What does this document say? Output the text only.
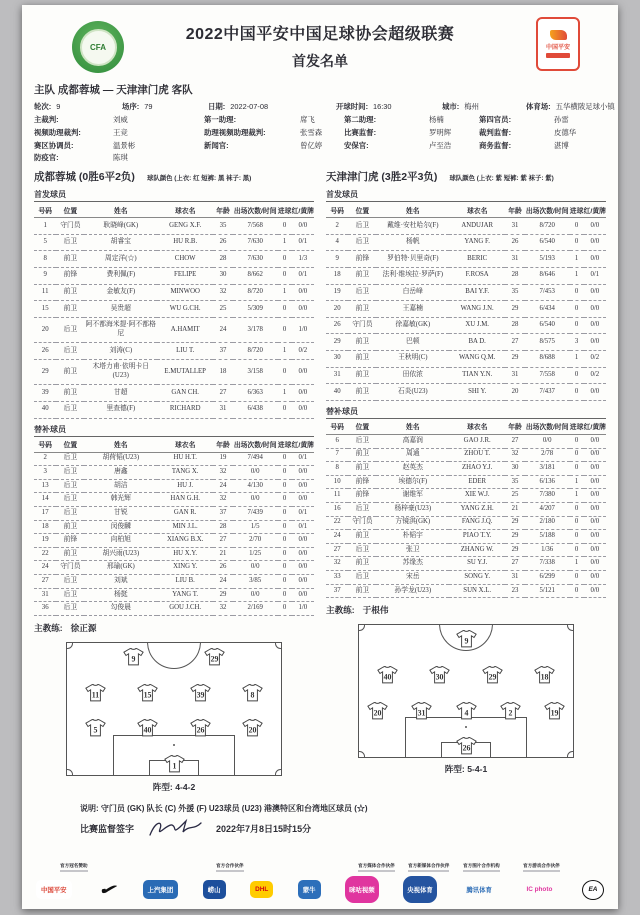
CFA
2022中国平安中国足球协会超级联赛
首发名单
中国平安
主队 成都蓉城 — 天津津门虎 客队
轮次: 9	场序: 79	日期: 2022-07-08	开球时间: 16:30	城市: 梅州	体育场: 五华横陂足球小镇
主裁判:	刘威	第一助理:	席飞	第二助理:	杨楠	第四官员:	孙雷
视频助理裁判:	王竞	助理视频助理裁判:	张雪森	比赛监督:	罗明辉	裁判监督:	皮德华
赛区协调员:	温景彬	新闻官:	曾亿婷	安保官:	卢至浩	商务监督:	湛博
防疫官:	陈琪
成都蓉城 (0胜6平2负) 球队颜色 (上衣: 红 短裤: 黑 袜子: 黑)
首发球员
号码	位置	姓名	球衣名	年龄	出场次数/时间	进球	红/黄牌
1	守门员	耿晓峰(GK)	GENG X.F.	35	7/568	0	0/0
5	后卫	胡睿宝	HU R.B.	26	7/630	1	0/1
8	前卫	周定洋(☆)	CHOW	28	7/630	0	1/3
9	前锋	费利佩(F)	FELIPE	30	8/662	0	0/1
11	前卫	金敏友(F)	MINWOO	32	8/720	1	0/0
15	前卫	吴贵超	WU G.CH.	25	5/309	0	0/0
20	后卫	阿不都海米提·阿不都格尼	A.HAMIT	24	3/178	0	1/0
26	后卫	刘涛(C)	LIU T.	37	8/720	1	0/2
29	前卫	木塔力甫·依明卡日(U23)	E.MUTALLEP	18	3/158	0	0/0
39	前卫	甘超	GAN CH.	27	6/363	1	0/0
40	后卫	里查德(F)	RICHARD	31	6/438	0	0/0
替补球员
号码	位置	姓名	球衣名	年龄	出场次数/时间	进球	红/黄牌
2	后卫	胡荷韬(U23)	HU H.T.	19	7/494	0	0/1
3	后卫	唐鑫	TANG X.	32	0/0	0	0/0
13	后卫	胡洁	HU J.	24	4/130	0	0/0
14	后卫	韩光辉	HAN G.H.	32	0/0	0	0/0
17	后卫	甘锐	GAN R.	37	7/439	0	0/1
18	前卫	闵俊麟	MIN J.L.	28	1/5	0	0/1
19	前锋	向柏旭	XIANG B.X.	27	2/70	0	0/0
22	前卫	胡兴雨(U23)	HU X.Y.	21	1/25	0	0/0
24	守门员	邢瑜(GK)	XING Y.	26	0/0	0	0/0
27	后卫	刘斌	LIU B.	24	3/85	0	0/0
31	后卫	杨挺	YANG T.	29	0/0	0	0/0
36	后卫	勾俊晨	GOU J.CH.	32	2/169	0	1/0
主教练: 徐正源
9	29
11	15	39	8
5	40	26	20
1
阵型: 4-4-2
天津津门虎 (3胜2平3负) 球队颜色 (上衣: 紫 短裤: 紫 袜子: 紫)
首发球员
号码	位置	姓名	球衣名	年龄	出场次数/时间	进球	红/黄牌
2	后卫	戴维·安杜哈尔(F)	ANDUJAR	31	8/720	0	0/0
4	后卫	杨帆	YANG F.	26	6/540	0	0/0
9	前锋	罗伯特·贝里奇(F)	BERIC	31	5/193	1	0/0
18	前卫	法利·维埃拉·罗萨(F)	F.ROSA	28	8/646	1	0/1
19	后卫	白岳峰	BAI Y.F.	35	7/453	0	0/0
20	前卫	王嘉楠	WANG J.N.	29	6/434	0	0/0
26	守门员	徐嘉敏(GK)	XU J.M.	28	6/540	0	0/0
29	前卫	巴顿	BA D.	27	8/575	3	0/0
30	前卫	王秋明(C)	WANG Q.M.	29	8/688	1	0/2
31	前卫	田依浓	TIAN Y.N.	31	7/558	0	0/2
40	前卫	石炎(U23)	SHI Y.	20	7/437	0	0/0
替补球员
号码	位置	姓名	球衣名	年龄	出场次数/时间	进球	红/黄牌
6	后卫	高嘉润	GAO J.R.	27	0/0	0	0/0
7	前卫	周通	ZHOU T.	32	2/78	0	0/0
8	前卫	赵英杰	ZHAO Y.J.	30	3/181	0	0/0
10	前锋	埃德尔(F)	EDER	35	6/136	1	0/0
11	前锋	谢维军	XIE W.J.	25	7/380	1	0/0
16	后卫	杨梓豪(U23)	YANG Z.H.	21	4/207	0	0/0
22	守门员	方镜淇(GK)	FANG J.Q.	29	2/180	0	0/0
24	前卫	朴韬宇	PIAO T.Y.	29	5/188	0	0/0
27	后卫	张卫	ZHANG W.	29	1/36	0	0/0
32	前卫	苏缘杰	SU Y.J.	27	7/338	1	0/0
33	后卫	宋岳	SONG Y.	31	6/299	0	0/0
37	前卫	孙学龙(U23)	SUN X.L.	23	5/121	0	0/0
主教练: 于根伟
9
40	30	29	18
20	31	4	2	19
26
阵型: 5-4-1
说明: 守门员 (GK) 队长 (C) 外援 (F) U23球员 (U23) 港澳特区和台湾地区球员 (☆)
比赛监督签字	2022年7月8日15时15分
官方冠名赞助	官方合作伙伴	官方媒体合作伙伴	官方新媒体合作伙伴	官方图片合作机构	官方游戏合作伙伴
中国平安	✔	上汽集团	崂山	DHL	蒙牛	咪咕视频	央视体育	腾讯体育	IC photo	EA
